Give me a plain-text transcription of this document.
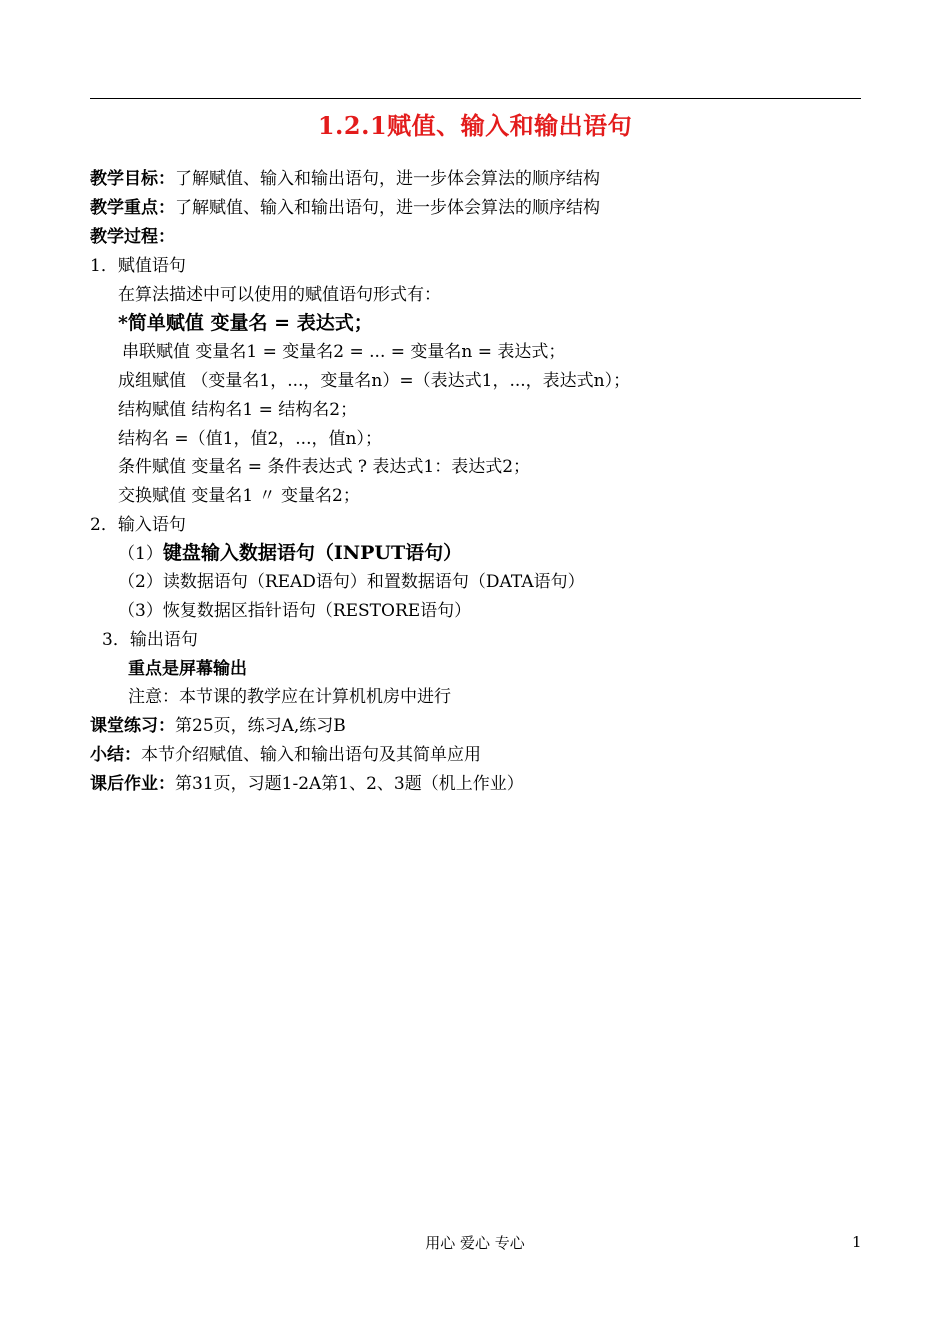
1.2.1赋值、输入和输出语句
教学目标：了解赋值、输入和输出语句，进一步体会算法的顺序结构
教学重点：了解赋值、输入和输出语句，进一步体会算法的顺序结构
教学过程：
1．赋值语句
在算法描述中可以使用的赋值语句形式有：
*简单赋值 变量名 = 表达式；
串联赋值 变量名1 = 变量名2 = ... = 变量名n = 表达式；
成组赋值 （变量名1，...，变量名n）=（表达式1，...，表达式n）；
结构赋值 结构名1 = 结构名2；
结构名 =（值1，值2，...，值n）；
条件赋值 变量名 = 条件表达式 ? 表达式1：表达式2；
交换赋值 变量名1 〃 变量名2；
2．输入语句
（1）键盘输入数据语句（INPUT语句）
（2）读数据语句（READ语句）和置数据语句（DATA语句）
（3）恢复数据区指针语句（RESTORE语句）
3．输出语句
重点是屏幕输出
注意：本节课的教学应在计算机机房中进行
课堂练习：第25页，练习A,练习B
小结：本节介绍赋值、输入和输出语句及其简单应用
课后作业：第31页，习题1-2A第1、2、3题（机上作业）
用心 爱心 专心	1
